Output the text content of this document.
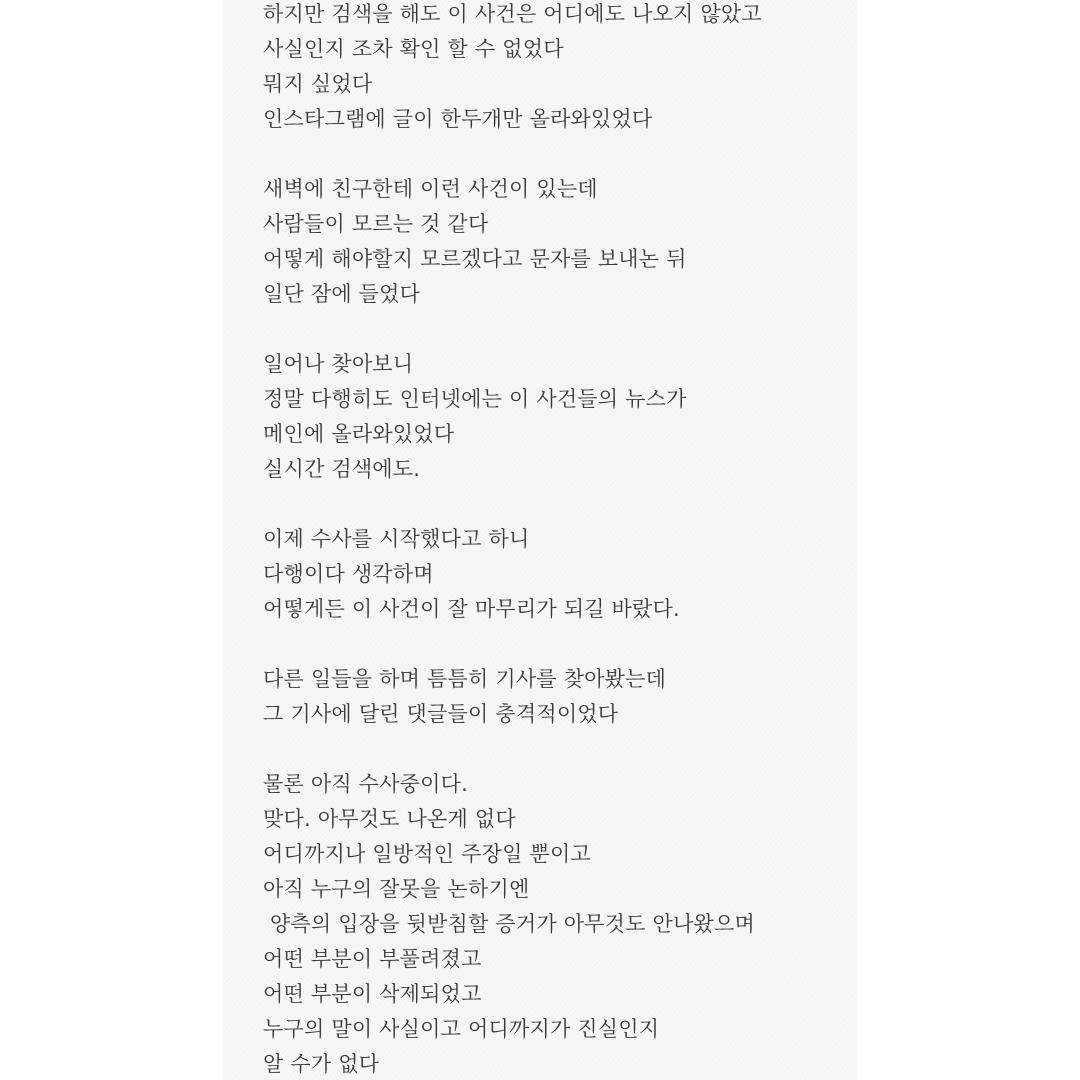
하지만 검색을 해도 이 사건은 어디에도 나오지 않았고
사실인지 조차 확인 할 수 없었다
뭐지 싶었다
인스타그램에 글이 한두개만 올라와있었다
새벽에 친구한테 이런 사건이 있는데
사람들이 모르는 것 같다
어떻게 해야할지 모르겠다고 문자를 보내논 뒤
일단 잠에 들었다
일어나 찾아보니
정말 다행히도 인터넷에는 이 사건들의 뉴스가
메인에 올라와있었다
실시간 검색에도.
이제 수사를 시작했다고 하니
다행이다 생각하며
어떻게든 이 사건이 잘 마무리가 되길 바랐다.
다른 일들을 하며 틈틈히 기사를 찾아봤는데
그 기사에 달린 댓글들이 충격적이었다
물론 아직 수사중이다.
맞다. 아무것도 나온게 없다
어디까지나 일방적인 주장일 뿐이고
아직 누구의 잘못을 논하기엔
양측의 입장을 뒷받침할 증거가 아무것도 안나왔으며
어떤 부분이 부풀려졌고
어떤 부분이 삭제되었고
누구의 말이 사실이고 어디까지가 진실인지
알 수가 없다
